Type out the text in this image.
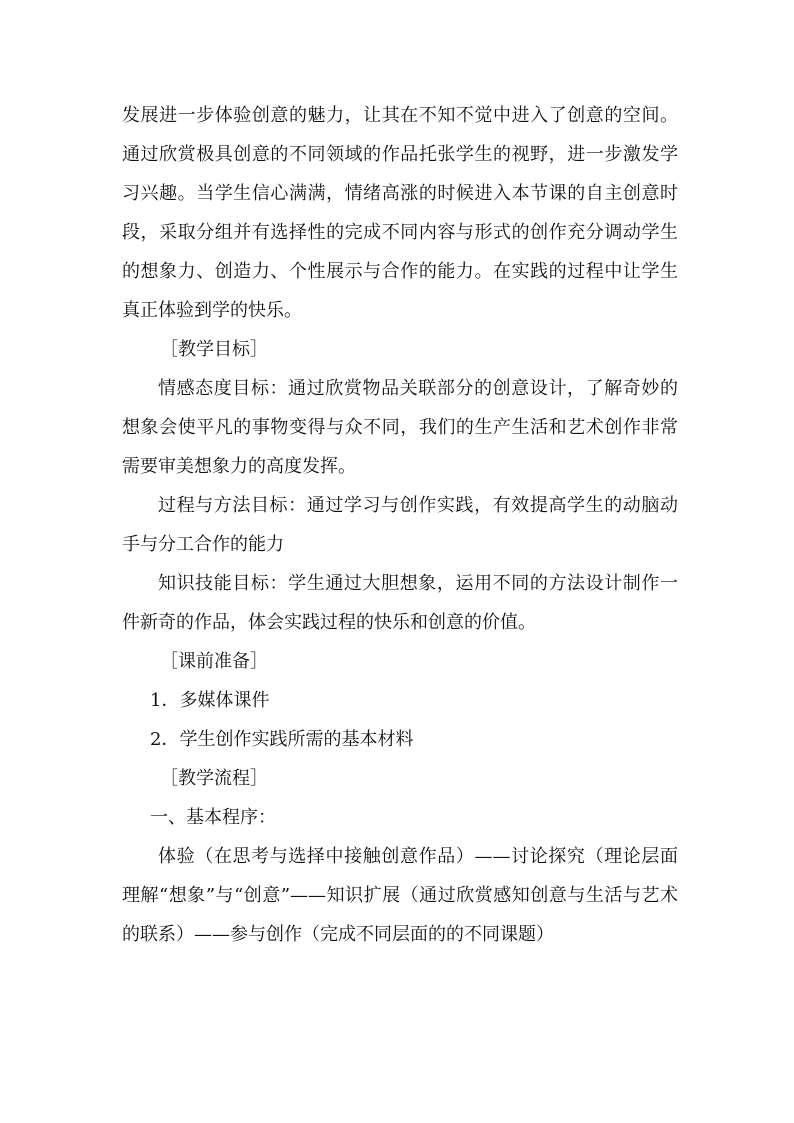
发展进一步体验创意的魅力，让其在不知不觉中进入了创意的空间。通过欣赏极具创意的不同领域的作品托张学生的视野，进一步激发学习兴趣。当学生信心满满，情绪高涨的时候进入本节课的自主创意时段，采取分组并有选择性的完成不同内容与形式的创作充分调动学生的想象力、创造力、个性展示与合作的能力。在实践的过程中让学生真正体验到学的快乐。

［教学目标］

情感态度目标：通过欣赏物品关联部分的创意设计，了解奇妙的想象会使平凡的事物变得与众不同，我们的生产生活和艺术创作非常需要审美想象力的高度发挥。

过程与方法目标：通过学习与创作实践，有效提高学生的动脑动手与分工合作的能力

知识技能目标：学生通过大胆想象，运用不同的方法设计制作一件新奇的作品，体会实践过程的快乐和创意的价值。

［课前准备］

1．多媒体课件

2．学生创作实践所需的基本材料

［教学流程］

一、基本程序：

体验（在思考与选择中接触创意作品）——讨论探究（理论层面理解“想象”与“创意”——知识扩展（通过欣赏感知创意与生活与艺术的联系）——参与创作（完成不同层面的的不同课题）
